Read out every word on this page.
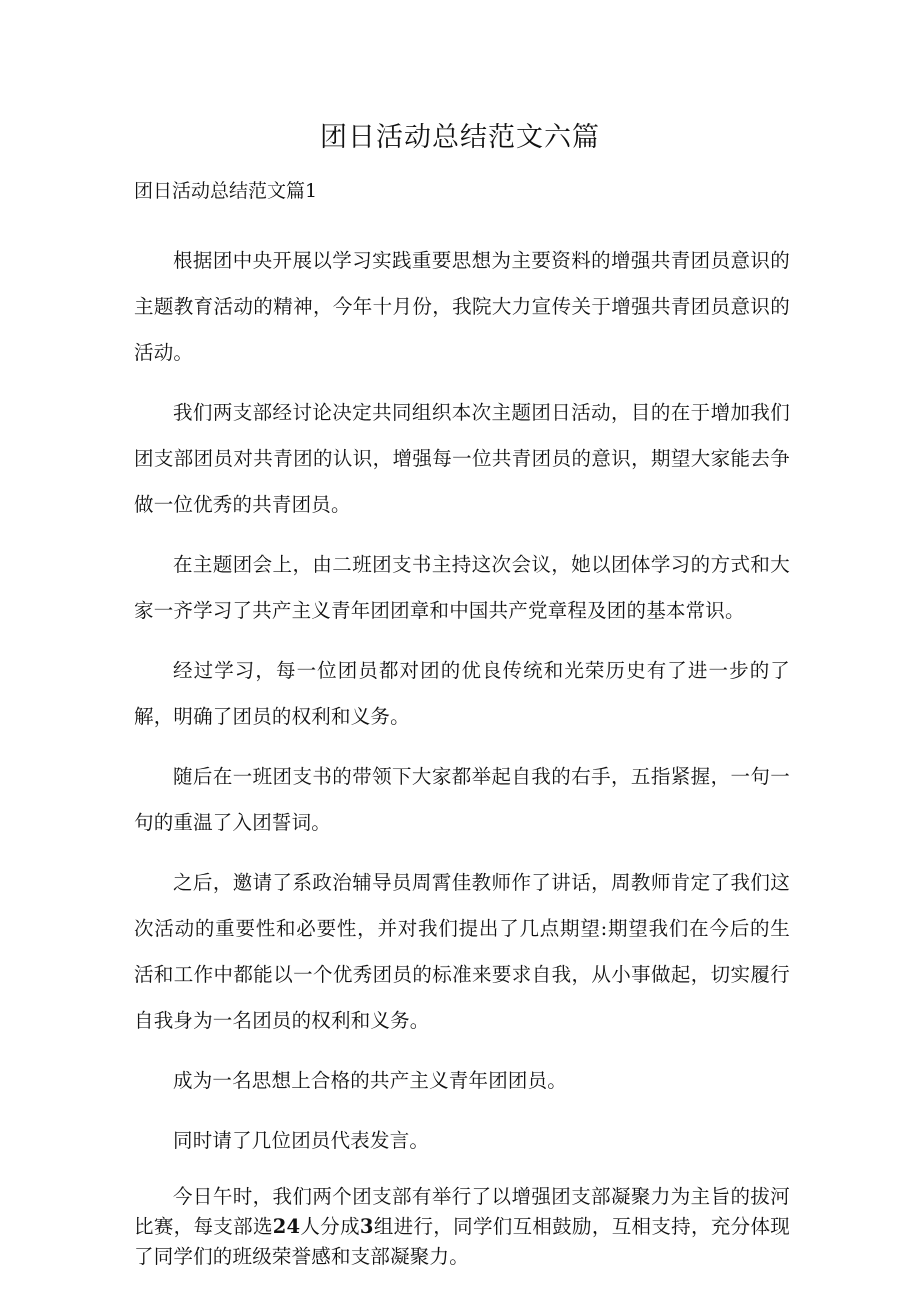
团日活动总结范文六篇
团日活动总结范文篇1

根据团中央开展以学习实践重要思想为主要资料的增强共青团员意识的主题教育活动的精神，今年十月份，我院大力宣传关于增强共青团员意识的活动。

我们两支部经讨论决定共同组织本次主题团日活动，目的在于增加我们团支部团员对共青团的认识，增强每一位共青团员的意识，期望大家能去争做一位优秀的共青团员。

在主题团会上，由二班团支书主持这次会议，她以团体学习的方式和大家一齐学习了共产主义青年团团章和中国共产党章程及团的基本常识。

经过学习，每一位团员都对团的优良传统和光荣历史有了进一步的了解，明确了团员的权利和义务。

随后在一班团支书的带领下大家都举起自我的右手，五指紧握，一句一句的重温了入团誓词。

之后，邀请了系政治辅导员周霄佳教师作了讲话，周教师肯定了我们这次活动的重要性和必要性，并对我们提出了几点期望:期望我们在今后的生活和工作中都能以一个优秀团员的标准来要求自我，从小事做起，切实履行自我身为一名团员的权利和义务。

成为一名思想上合格的共产主义青年团团员。

同时请了几位团员代表发言。

今日午时，我们两个团支部有举行了以增强团支部凝聚力为主旨的拔河比赛，每支部选24人分成3组进行，同学们互相鼓励，互相支持，充分体现了同学们的班级荣誉感和支部凝聚力。
